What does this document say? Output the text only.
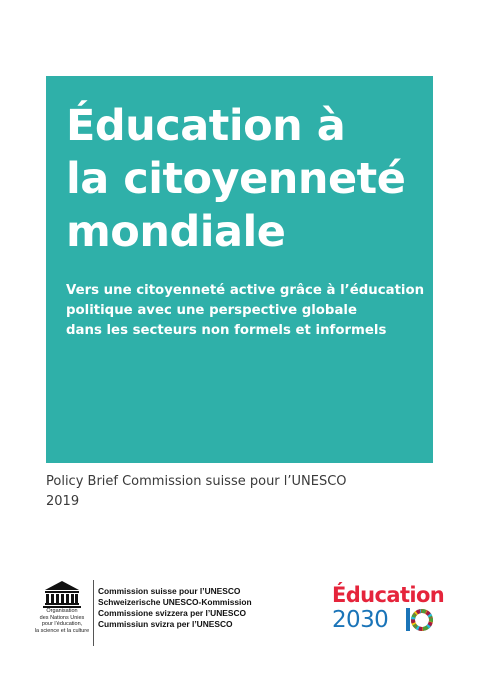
Éducation à
la citoyenneté
mondiale
Vers une citoyenneté active grâce à l’éducation
politique avec une perspective globale
dans les secteurs non formels et informels
Policy Brief Commission suisse pour l’UNESCO
2019
Organisation
des Nations Unies
pour l’éducation,
la science et la culture
Commission suisse pour l’UNESCO
Schweizerische UNESCO-Kommission
Commissione svizzera per l’UNESCO
Cummissiun svizra per l’UNESCO
Éducation
2030
